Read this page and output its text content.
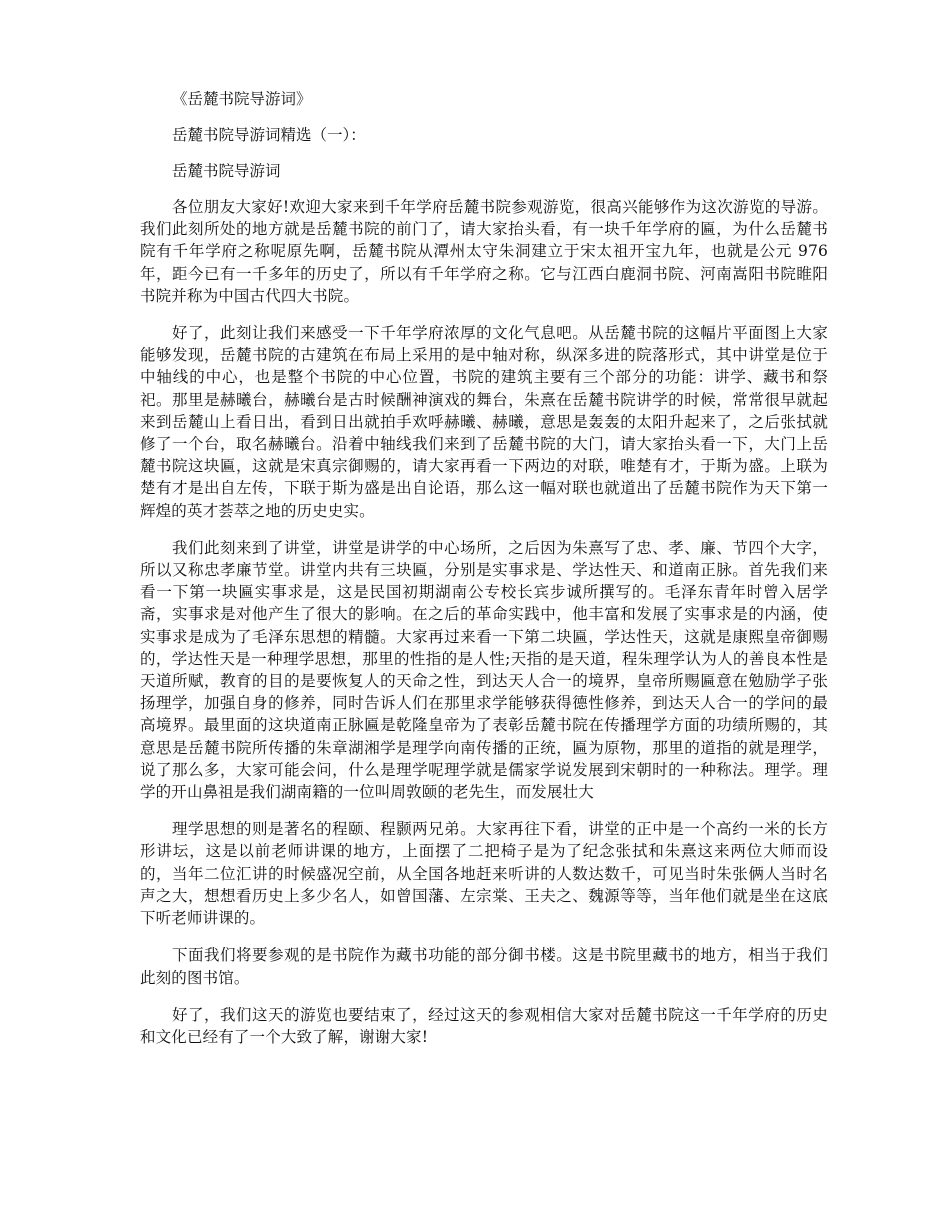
《岳麓书院导游词》

岳麓书院导游词精选（一）：

岳麓书院导游词

各位朋友大家好!欢迎大家来到千年学府岳麓书院参观游览，很高兴能够作为这次游览的导游。我们此刻所处的地方就是岳麓书院的前门了，请大家抬头看，有一块千年学府的匾，为什么岳麓书院有千年学府之称呢原先啊，岳麓书院从潭州太守朱洞建立于宋太祖开宝九年，也就是公元 976 年，距今已有一千多年的历史了，所以有千年学府之称。它与江西白鹿洞书院、河南嵩阳书院睢阳书院并称为中国古代四大书院。

好了，此刻让我们来感受一下千年学府浓厚的文化气息吧。从岳麓书院的这幅片平面图上大家能够发现，岳麓书院的古建筑在布局上采用的是中轴对称，纵深多进的院落形式，其中讲堂是位于中轴线的中心，也是整个书院的中心位置，书院的建筑主要有三个部分的功能：讲学、藏书和祭祀。那里是赫曦台，赫曦台是古时候酬神演戏的舞台，朱熹在岳麓书院讲学的时候，常常很早就起来到岳麓山上看日出，看到日出就拍手欢呼赫曦、赫曦，意思是轰轰的太阳升起来了，之后张拭就修了一个台，取名赫曦台。沿着中轴线我们来到了岳麓书院的大门，请大家抬头看一下，大门上岳麓书院这块匾，这就是宋真宗御赐的，请大家再看一下两边的对联，唯楚有才，于斯为盛。上联为楚有才是出自左传，下联于斯为盛是出自论语，那么这一幅对联也就道出了岳麓书院作为天下第一辉煌的英才荟萃之地的历史史实。

我们此刻来到了讲堂，讲堂是讲学的中心场所，之后因为朱熹写了忠、孝、廉、节四个大字，所以又称忠孝廉节堂。讲堂内共有三块匾，分别是实事求是、学达性天、和道南正脉。首先我们来看一下第一块匾实事求是，这是民国初期湖南公专校长宾步诚所撰写的。毛泽东青年时曾入居学斋，实事求是对他产生了很大的影响。在之后的革命实践中，他丰富和发展了实事求是的内涵，使实事求是成为了毛泽东思想的精髓。大家再过来看一下第二块匾，学达性天，这就是康熙皇帝御赐的，学达性天是一种理学思想，那里的性指的是人性;天指的是天道，程朱理学认为人的善良本性是天道所赋，教育的目的是要恢复人的天命之性，到达天人合一的境界，皇帝所赐匾意在勉励学子张扬理学，加强自身的修养，同时告诉人们在那里求学能够获得德性修养，到达天人合一的学问的最高境界。最里面的这块道南正脉匾是乾隆皇帝为了表彰岳麓书院在传播理学方面的功绩所赐的，其意思是岳麓书院所传播的朱章湖湘学是理学向南传播的正统，匾为原物，那里的道指的就是理学，说了那么多，大家可能会问，什么是理学呢理学就是儒家学说发展到宋朝时的一种称法。理学。理学的开山鼻祖是我们湖南籍的一位叫周敦颐的老先生，而发展壮大

理学思想的则是著名的程颐、程颢两兄弟。大家再往下看，讲堂的正中是一个高约一米的长方形讲坛，这是以前老师讲课的地方，上面摆了二把椅子是为了纪念张拭和朱熹这来两位大师而设的，当年二位汇讲的时候盛况空前，从全国各地赶来听讲的人数达数千，可见当时朱张俩人当时名声之大，想想看历史上多少名人，如曾国藩、左宗棠、王夫之、魏源等等，当年他们就是坐在这底下听老师讲课的。

下面我们将要参观的是书院作为藏书功能的部分御书楼。这是书院里藏书的地方，相当于我们此刻的图书馆。

好了，我们这天的游览也要结束了，经过这天的参观相信大家对岳麓书院这一千年学府的历史和文化已经有了一个大致了解，谢谢大家!
